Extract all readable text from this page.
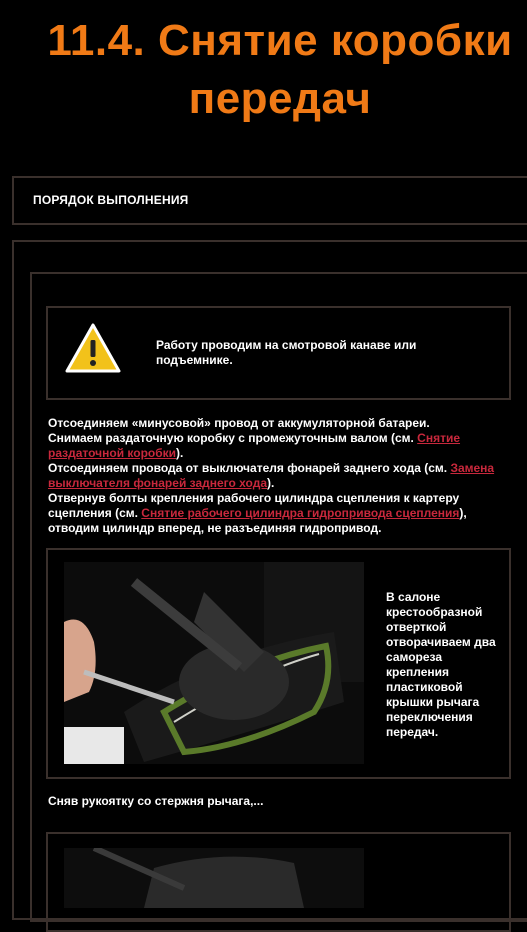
11.4. Снятие коробки
передач
ПОРЯДОК ВЫПОЛНЕНИЯ
Работу проводим на смотровой канаве или подъемнике.

Отсоединяем «минусовой» провод от аккумуляторной батареи.

Снимаем раздаточную коробку с промежуточным валом (см. Снятие раздаточной коробки).

Отсоединяем провода от выключателя фонарей заднего хода (см. Замена выключателя фонарей заднего хода).

Отвернув болты крепления рабочего цилиндра сцепления к картеру сцепления (см. Снятие рабочего цилиндра гидропривода сцепления), отводим цилиндр вперед, не разъединяя гидропривод.

В салоне крестообразной отверткой отворачиваем два самореза крепления пластиковой крышки рычага переключения передач.
Сняв рукоятку со стержня рычага,...
